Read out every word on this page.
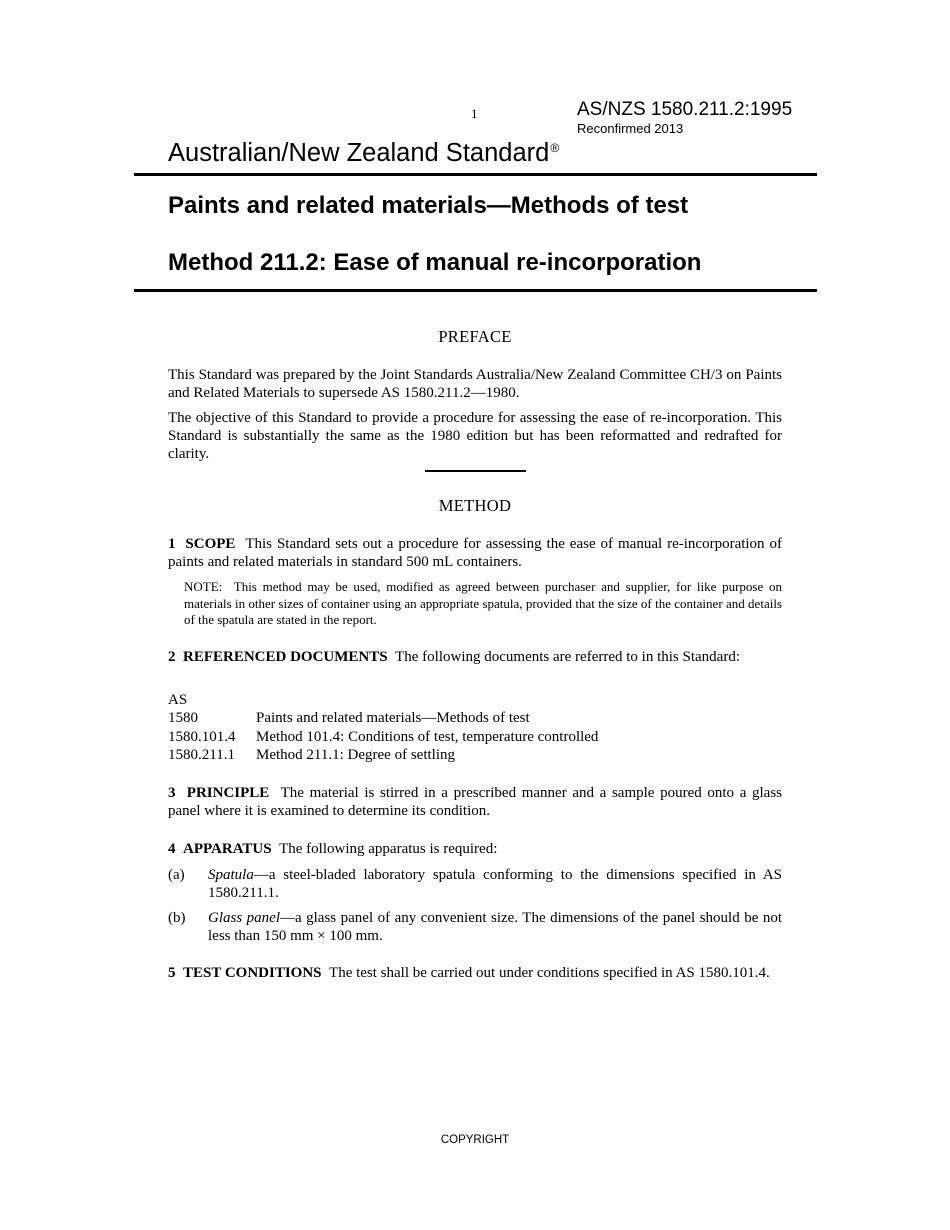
1	AS/NZS 1580.211.2:1995
Reconfirmed 2013
Australian/New Zealand Standard®
Paints and related materials—Methods of test
Method 211.2: Ease of manual re-incorporation
PREFACE
This Standard was prepared by the Joint Standards Australia/New Zealand Committee CH/3 on Paints and Related Materials to supersede AS 1580.211.2—1980.
The objective of this Standard to provide a procedure for assessing the ease of re-incorporation. This Standard is substantially the same as the 1980 edition but has been reformatted and redrafted for clarity.
METHOD
1 SCOPE This Standard sets out a procedure for assessing the ease of manual re-incorporation of paints and related materials in standard 500 mL containers.
NOTE: This method may be used, modified as agreed between purchaser and supplier, for like purpose on materials in other sizes of container using an appropriate spatula, provided that the size of the container and details of the spatula are stated in the report.
2 REFERENCED DOCUMENTS The following documents are referred to in this Standard:
AS
1580	Paints and related materials—Methods of test
1580.101.4 Method 101.4: Conditions of test, temperature controlled
1580.211.1 Method 211.1: Degree of settling
3 PRINCIPLE The material is stirred in a prescribed manner and a sample poured onto a glass panel where it is examined to determine its condition.
4 APPARATUS The following apparatus is required:
(a) Spatula—a steel-bladed laboratory spatula conforming to the dimensions specified in AS 1580.211.1.
(b) Glass panel—a glass panel of any convenient size. The dimensions of the panel should be not less than 150 mm × 100 mm.
5 TEST CONDITIONS The test shall be carried out under conditions specified in AS 1580.101.4.
COPYRIGHT
